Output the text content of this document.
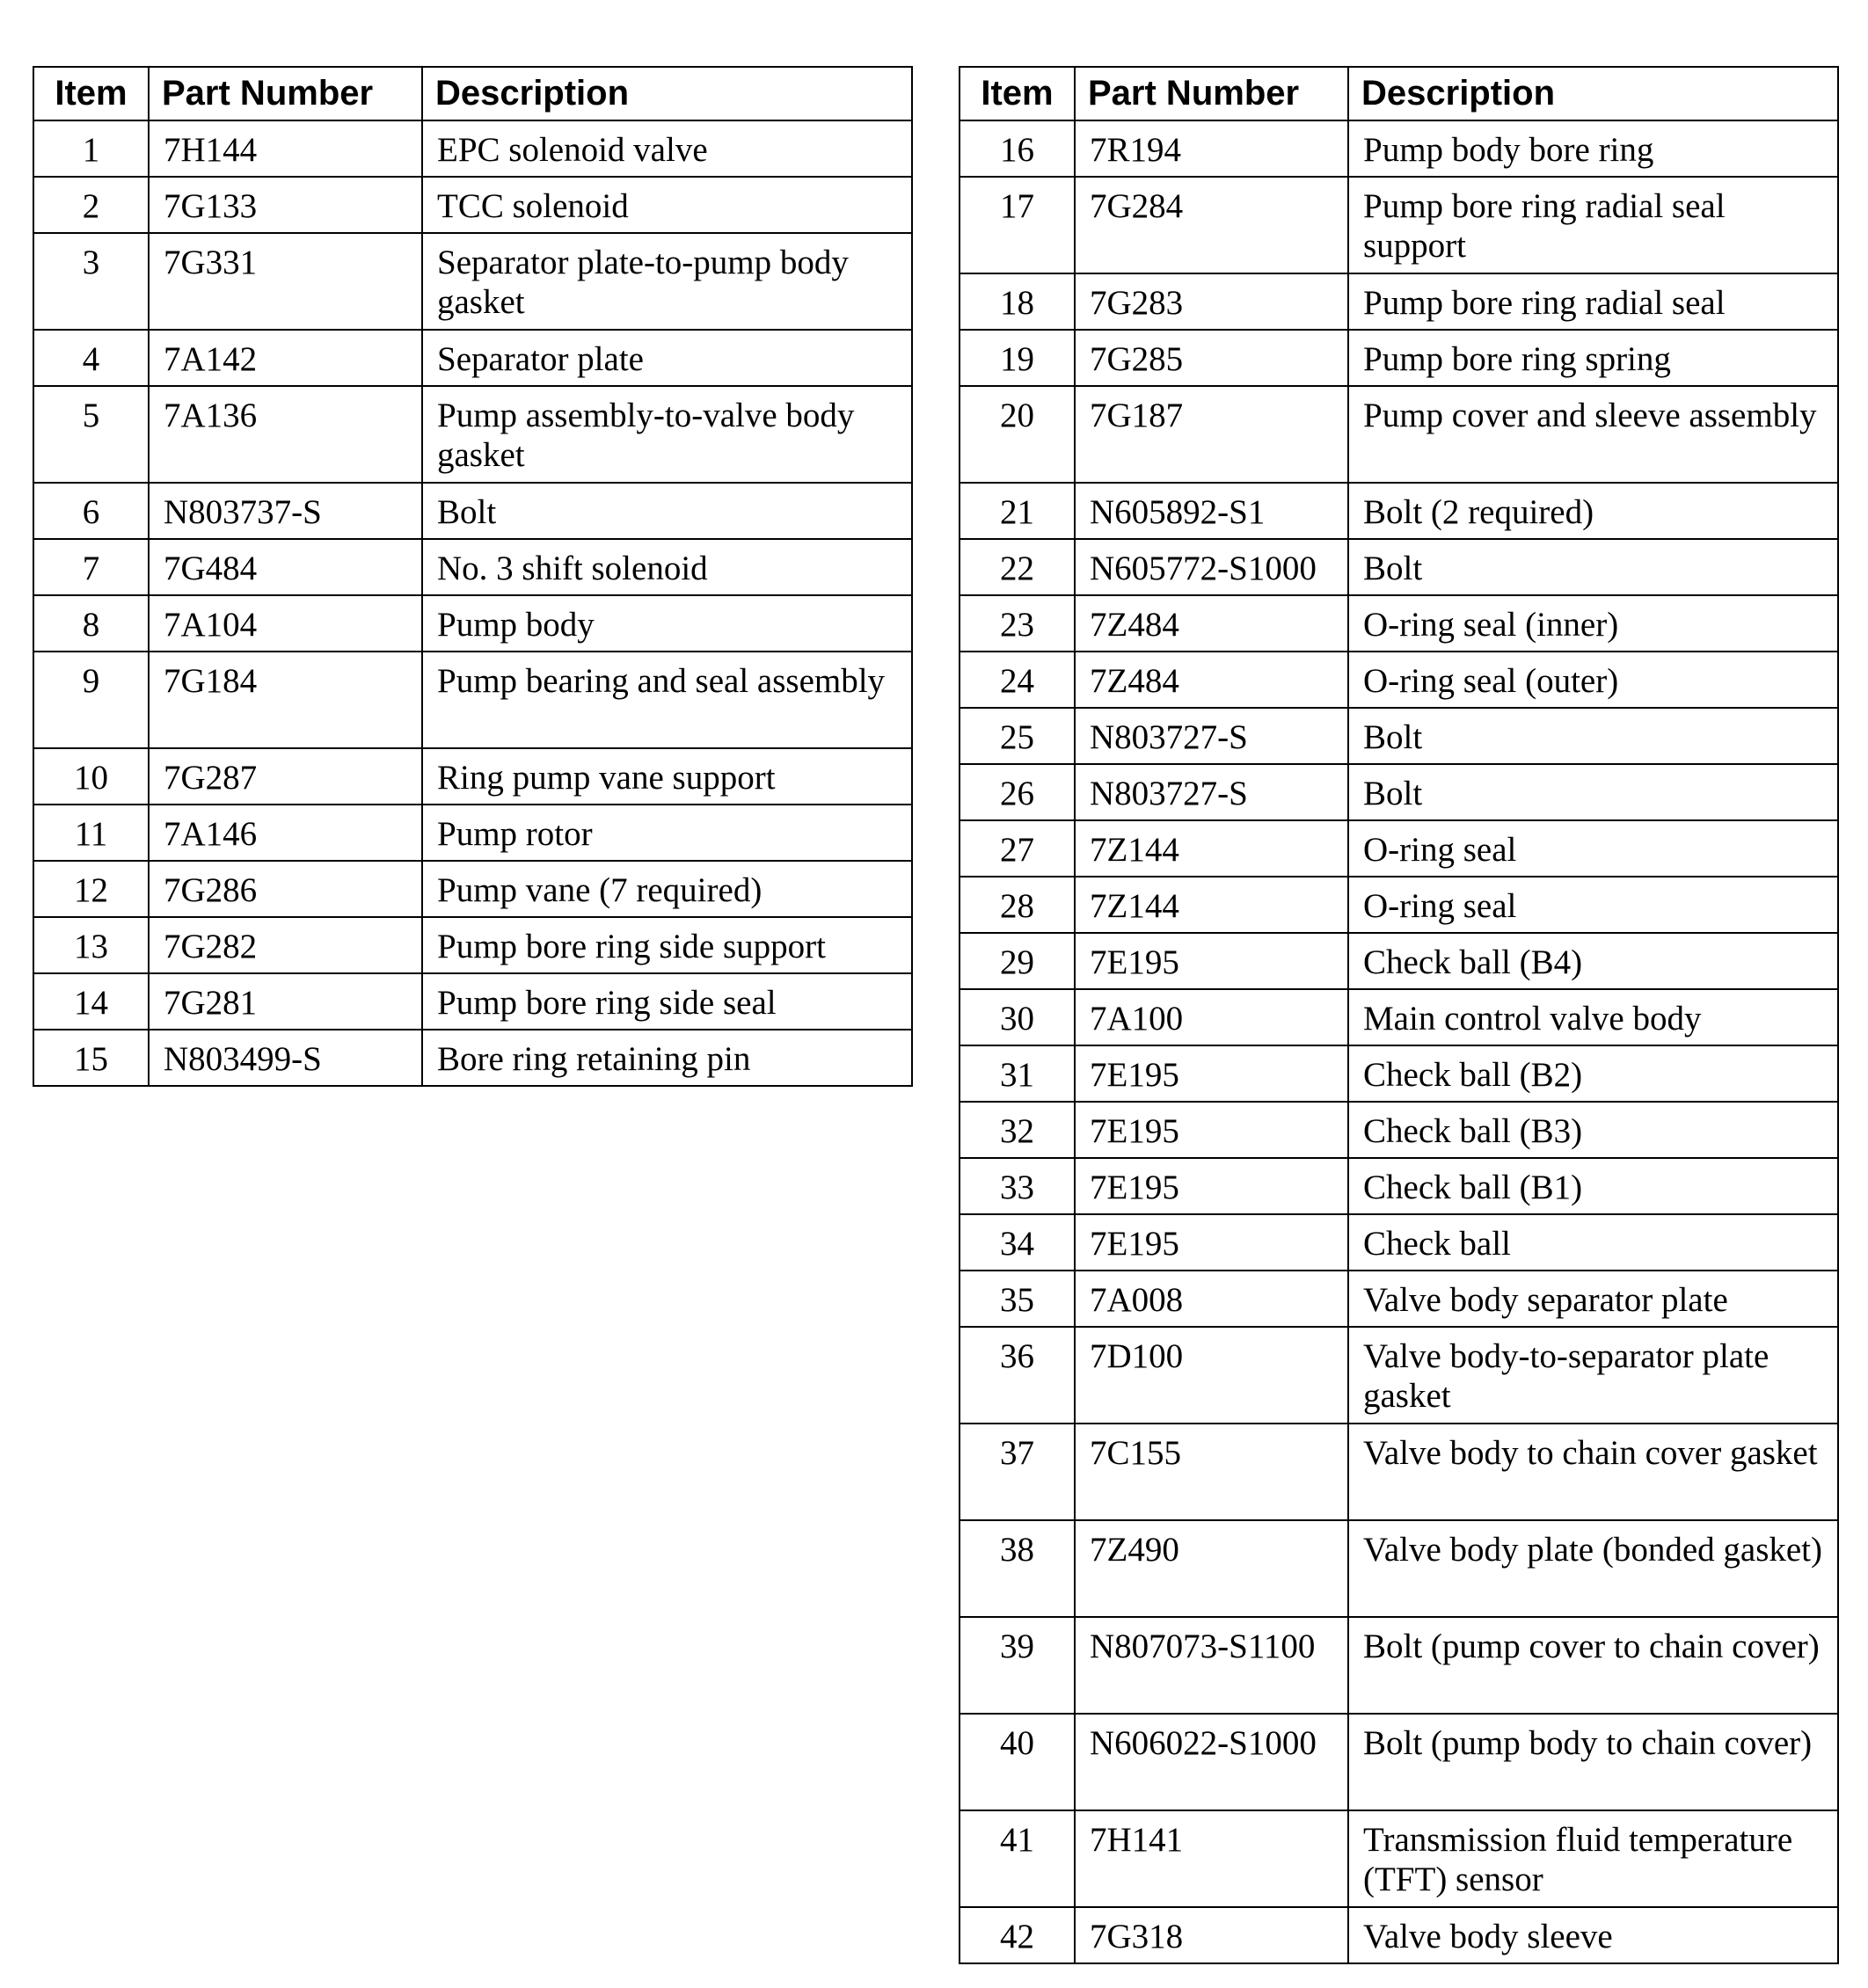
Item	Part Number	Description
1	7H144	EPC solenoid valve
2	7G133	TCC solenoid
3	7G331	Separator plate-to-pump body gasket
4	7A142	Separator plate
5	7A136	Pump assembly-to-valve body gasket
6	N803737-S	Bolt
7	7G484	No. 3 shift solenoid
8	7A104	Pump body
9	7G184	Pump bearing and seal assembly
10	7G287	Ring pump vane support
11	7A146	Pump rotor
12	7G286	Pump vane (7 required)
13	7G282	Pump bore ring side support
14	7G281	Pump bore ring side seal
15	N803499-S	Bore ring retaining pin
Item	Part Number	Description
16	7R194	Pump body bore ring
17	7G284	Pump bore ring radial seal support
18	7G283	Pump bore ring radial seal
19	7G285	Pump bore ring spring
20	7G187	Pump cover and sleeve assembly
21	N605892-S1	Bolt (2 required)
22	N605772-S1000	Bolt
23	7Z484	O-ring seal (inner)
24	7Z484	O-ring seal (outer)
25	N803727-S	Bolt
26	N803727-S	Bolt
27	7Z144	O-ring seal
28	7Z144	O-ring seal
29	7E195	Check ball (B4)
30	7A100	Main control valve body
31	7E195	Check ball (B2)
32	7E195	Check ball (B3)
33	7E195	Check ball (B1)
34	7E195	Check ball
35	7A008	Valve body separator plate
36	7D100	Valve body-to-separator plate gasket
37	7C155	Valve body to chain cover gasket
38	7Z490	Valve body plate (bonded gasket)
39	N807073-S1100	Bolt (pump cover to chain cover)
40	N606022-S1000	Bolt (pump body to chain cover)
41	7H141	Transmission fluid temperature (TFT) sensor
42	7G318	Valve body sleeve
